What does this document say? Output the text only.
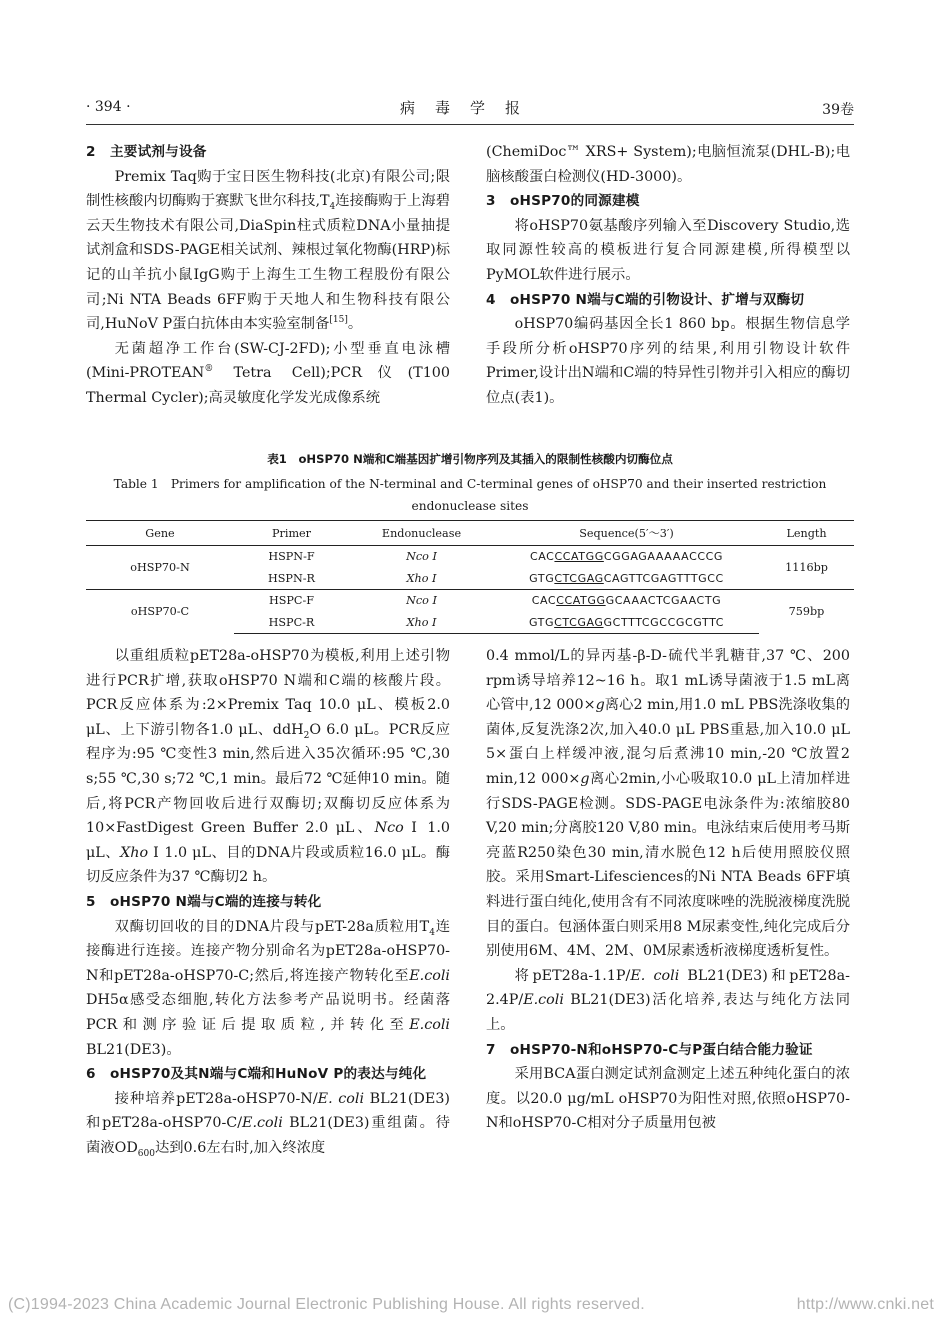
· 394 ·	病毒学报	39卷
2 主要试剂与设备

Premix Taq购于宝日医生物科技(北京)有限公司;限制性核酸内切酶购于赛默飞世尔科技$,T_4$连接酶购于上海碧云天生物技术有限公司,DiaSpin柱式质粒DNA小量抽提试剂盒和SDS-PAGE相关试剂、辣根过氧化物酶(HRP)标记的山羊抗小鼠IgG购于上海生工生物工程股份有限公司;Ni NTA Beads 6FF购于天地人和生物科技有限公司,HuNoV P蛋白抗体由本实验室制备[15]。

无菌超净工作台(SW-CJ-2FD);小型垂直电泳槽(Mini-PROTEAN® Tetra Cell);PCR仪(T100 Thermal Cycler);高灵敏度化学发光成像系统

(ChemiDoc™ XRS+ System);电脑恒流泵(DHL-B);电脑核酸蛋白检测仪(HD-3000)。

3 oHSP70的同源建模

将oHSP70氨基酸序列输入至Discovery Studio,选取同源性较高的模板进行复合同源建模,所得模型以PyMOL软件进行展示。

4 oHSP70 N端与C端的引物设计、扩增与双酶切

oHSP70编码基因全长1 860 bp。根据生物信息学手段所分析oHSP70序列的结果,利用引物设计软件Primer,设计出N端和C端的特异性引物并引入相应的酶切位点(表1)。

表1　oHSP70 N端和C端基因扩增引物序列及其插入的限制性核酸内切酶位点
Table 1　Primers for amplification of the N-terminal and C-terminal genes of oHSP70 and their inserted restriction endonuclease sites
Gene	Primer	Endonuclease	Sequence(5′～3′)	Length
oHSP70-N	HSPN-F	Nco Ⅰ	CACCCATGGCGGAGAAAAACCCG	1116bp
	HSPN-R	Xho Ⅰ	GTGCTCGAGCAGTTCGAGTTTGCC	
oHSP70-C	HSPC-F	Nco Ⅰ	CACCCATGGGCAAACTCGAACTG	759bp
	HSPC-R	Xho Ⅰ	GTGCTCGAGGCTTTCGCCGCGTTC	

以重组质粒pET28a-oHSP70为模板,利用上述引物进行PCR扩增,获取oHSP70 N端和C端的核酸片段。PCR反应体系为:2×Premix Taq 10.0 μL、模板2.0 μL、上下游引物各1.0 μL、ddH$_2$O 6.0 μL。PCR反应程序为:95 ℃变性3 min,然后进入35次循环:95 ℃,30 s;55 ℃,30 s;72 ℃,1 min。最后72 ℃延伸10 min。随后,将PCR产物回收后进行双酶切;双酶切反应体系为10×FastDigest Green Buffer 2.0 μL、Nco Ⅰ 1.0 μL、Xho Ⅰ 1.0 μL、目的DNA片段或质粒16.0 μL。酶切反应条件为37 ℃酶切2 h。

5 oHSP70 N端与C端的连接与转化

双酶切回收的目的DNA片段与pET-28a质粒用$T_4$连接酶进行连接。连接产物分别命名为pET28a-oHSP70-N和pET28a-oHSP70-C;然后,将连接产物转化至E.coli DH5α感受态细胞,转化方法参考产品说明书。经菌落PCR和测序验证后提取质粒,并转化至E.coli BL21(DE3)。

6 oHSP70及其N端与C端和HuNoV P的表达与纯化

接种培养pET28a-oHSP70-N/E. coli BL21(DE3)和pET28a-oHSP70-C/E.coli BL21(DE3)重组菌。待菌液$OD_{600}$达到0.6左右时,加入终浓度

0.4 mmol/L的异丙基-β-D-硫代半乳糖苷,37 ℃、200 rpm诱导培养12~16 h。取1 mL诱导菌液于1.5 mL离心管中,12 000×g离心2 min,用1.0 mL PBS洗涤收集的菌体,反复洗涤2次,加入40.0 μL PBS重悬,加入10.0 μL 5×蛋白上样缓冲液,混匀后煮沸10 min,-20 ℃放置2 min,12 000×g离心2min,小心吸取10.0 μL上清加样进行SDS-PAGE检测。SDS-PAGE电泳条件为:浓缩胶80 V,20 min;分离胶120 V,80 min。电泳结束后使用考马斯亮蓝R250染色30 min,清水脱色12 h后使用照胶仪照胶。采用Smart-Lifesciences的Ni NTA Beads 6FF填料进行蛋白纯化,使用含有不同浓度咪唑的洗脱液梯度洗脱目的蛋白。包涵体蛋白则采用8 M尿素变性,纯化完成后分别使用6M、4M、2M、0M尿素透析液梯度透析复性。

将pET28a-1.1P/E. coli BL21(DE3)和pET28a-2.4P/E.coli BL21(DE3)活化培养,表达与纯化方法同上。

7 oHSP70-N和oHSP70-C与P蛋白结合能力验证

采用BCA蛋白测定试剂盒测定上述五种纯化蛋白的浓度。以20.0 μg/mL oHSP70为阳性对照,依照oHSP70-N和oHSP70-C相对分子质量用包被

(C)1994-2023 China Academic Journal Electronic Publishing House. All rights reserved.	http://www.cnki.net
